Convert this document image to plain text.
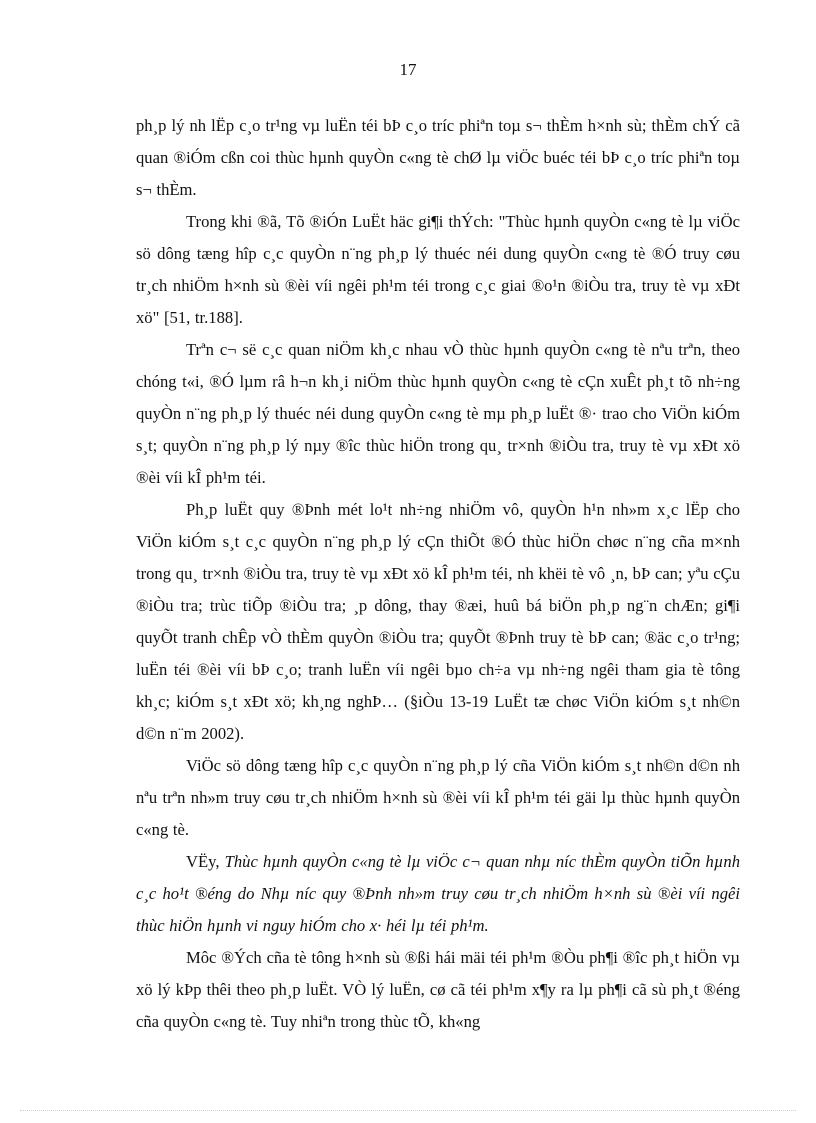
17

ph¸p lý nh lËp c¸o tr¹ng vµ luËn téi bÞ c¸o tríc phiªn toµ s¬ thÈm h×nh sù; thÈm chÝ cã quan ®iÓm cßn coi thùc hµnh quyÒn c«ng tè chØ lµ viÖc buéc téi bÞ c¸o tríc phiªn toµ s¬ thÈm.

Trong khi ®ã, Tõ ®iÓn LuËt häc gi¶i thÝch: "Thùc hµnh quyÒn c«ng tè lµ viÖc sö dông tæng hîp c¸c quyÒn n¨ng ph¸p lý thuéc néi dung quyÒn c«ng tè ®Ó truy cøu tr¸ch nhiÖm h×nh sù ®èi víi ngêi ph¹m téi trong c¸c giai ®o¹n ®iÒu tra, truy tè vµ xÐt xö" [51, tr.188].

Trªn c¬ së c¸c quan niÖm kh¸c nhau vÒ thùc hµnh quyÒn c«ng tè nªu trªn, theo chóng t«i, ®Ó lµm râ h¬n kh¸i niÖm thùc hµnh quyÒn c«ng tè cÇn xuÊt ph¸t tõ nh÷ng quyÒn n¨ng ph¸p lý thuéc néi dung quyÒn c«ng tè mµ ph¸p luËt ®· trao cho ViÖn kiÓm s¸t; quyÒn n¨ng ph¸p lý nµy ®îc thùc hiÖn trong qu¸ tr×nh ®iÒu tra, truy tè vµ xÐt xö ®èi víi kÎ ph¹m téi.

Ph¸p luËt quy ®Þnh mét lo¹t nh÷ng nhiÖm vô, quyÒn h¹n nh»m x¸c lËp cho ViÖn kiÓm s¸t c¸c quyÒn n¨ng ph¸p lý cÇn thiÕt ®Ó thùc hiÖn chøc n¨ng cña m×nh trong qu¸ tr×nh ®iÒu tra, truy tè vµ xÐt xö kÎ ph¹m téi, nh khëi tè vô ¸n, bÞ can; yªu cÇu ®iÒu tra; trùc tiÕp ®iÒu tra; ¸p dông, thay ®æi, huû bá biÖn ph¸p ng¨n chÆn; gi¶i quyÕt tranh chÊp vÒ thÈm quyÒn ®iÒu tra; quyÕt ®Þnh truy tè bÞ can; ®äc c¸o tr¹ng; luËn téi ®èi víi bÞ c¸o; tranh luËn víi ngêi bµo ch÷a vµ nh÷ng ngêi tham gia tè tông kh¸c; kiÓm s¸t xÐt xö; kh¸ng nghÞ… (§iÒu 13-19 LuËt tæ chøc ViÖn kiÓm s¸t nh©n d©n n¨m 2002).

ViÖc sö dông tæng hîp c¸c quyÒn n¨ng ph¸p lý cña ViÖn kiÓm s¸t nh©n d©n nh nªu trªn nh»m truy cøu tr¸ch nhiÖm h×nh sù ®èi víi kÎ ph¹m téi gäi lµ thùc hµnh quyÒn c«ng tè.

VËy, Thùc hµnh quyÒn c«ng tè lµ viÖc c¬ quan nhµ níc thÈm quyÒn tiÕn hµnh c¸c ho¹t ®éng do Nhµ níc quy ®Þnh nh»m truy cøu tr¸ch nhiÖm h×nh sù ®èi víi ngêi thùc hiÖn hµnh vi nguy hiÓm cho x· héi lµ téi ph¹m.

Môc ®Ých cña tè tông h×nh sù ®ßi hái mäi téi ph¹m ®Òu ph¶i ®îc ph¸t hiÖn vµ xö lý kÞp thêi theo ph¸p luËt. VÒ lý luËn, cø cã téi ph¹m x¶y ra lµ ph¶i cã sù ph¸t ®éng cña quyÒn c«ng tè. Tuy nhiªn trong thùc tÕ, kh«ng
